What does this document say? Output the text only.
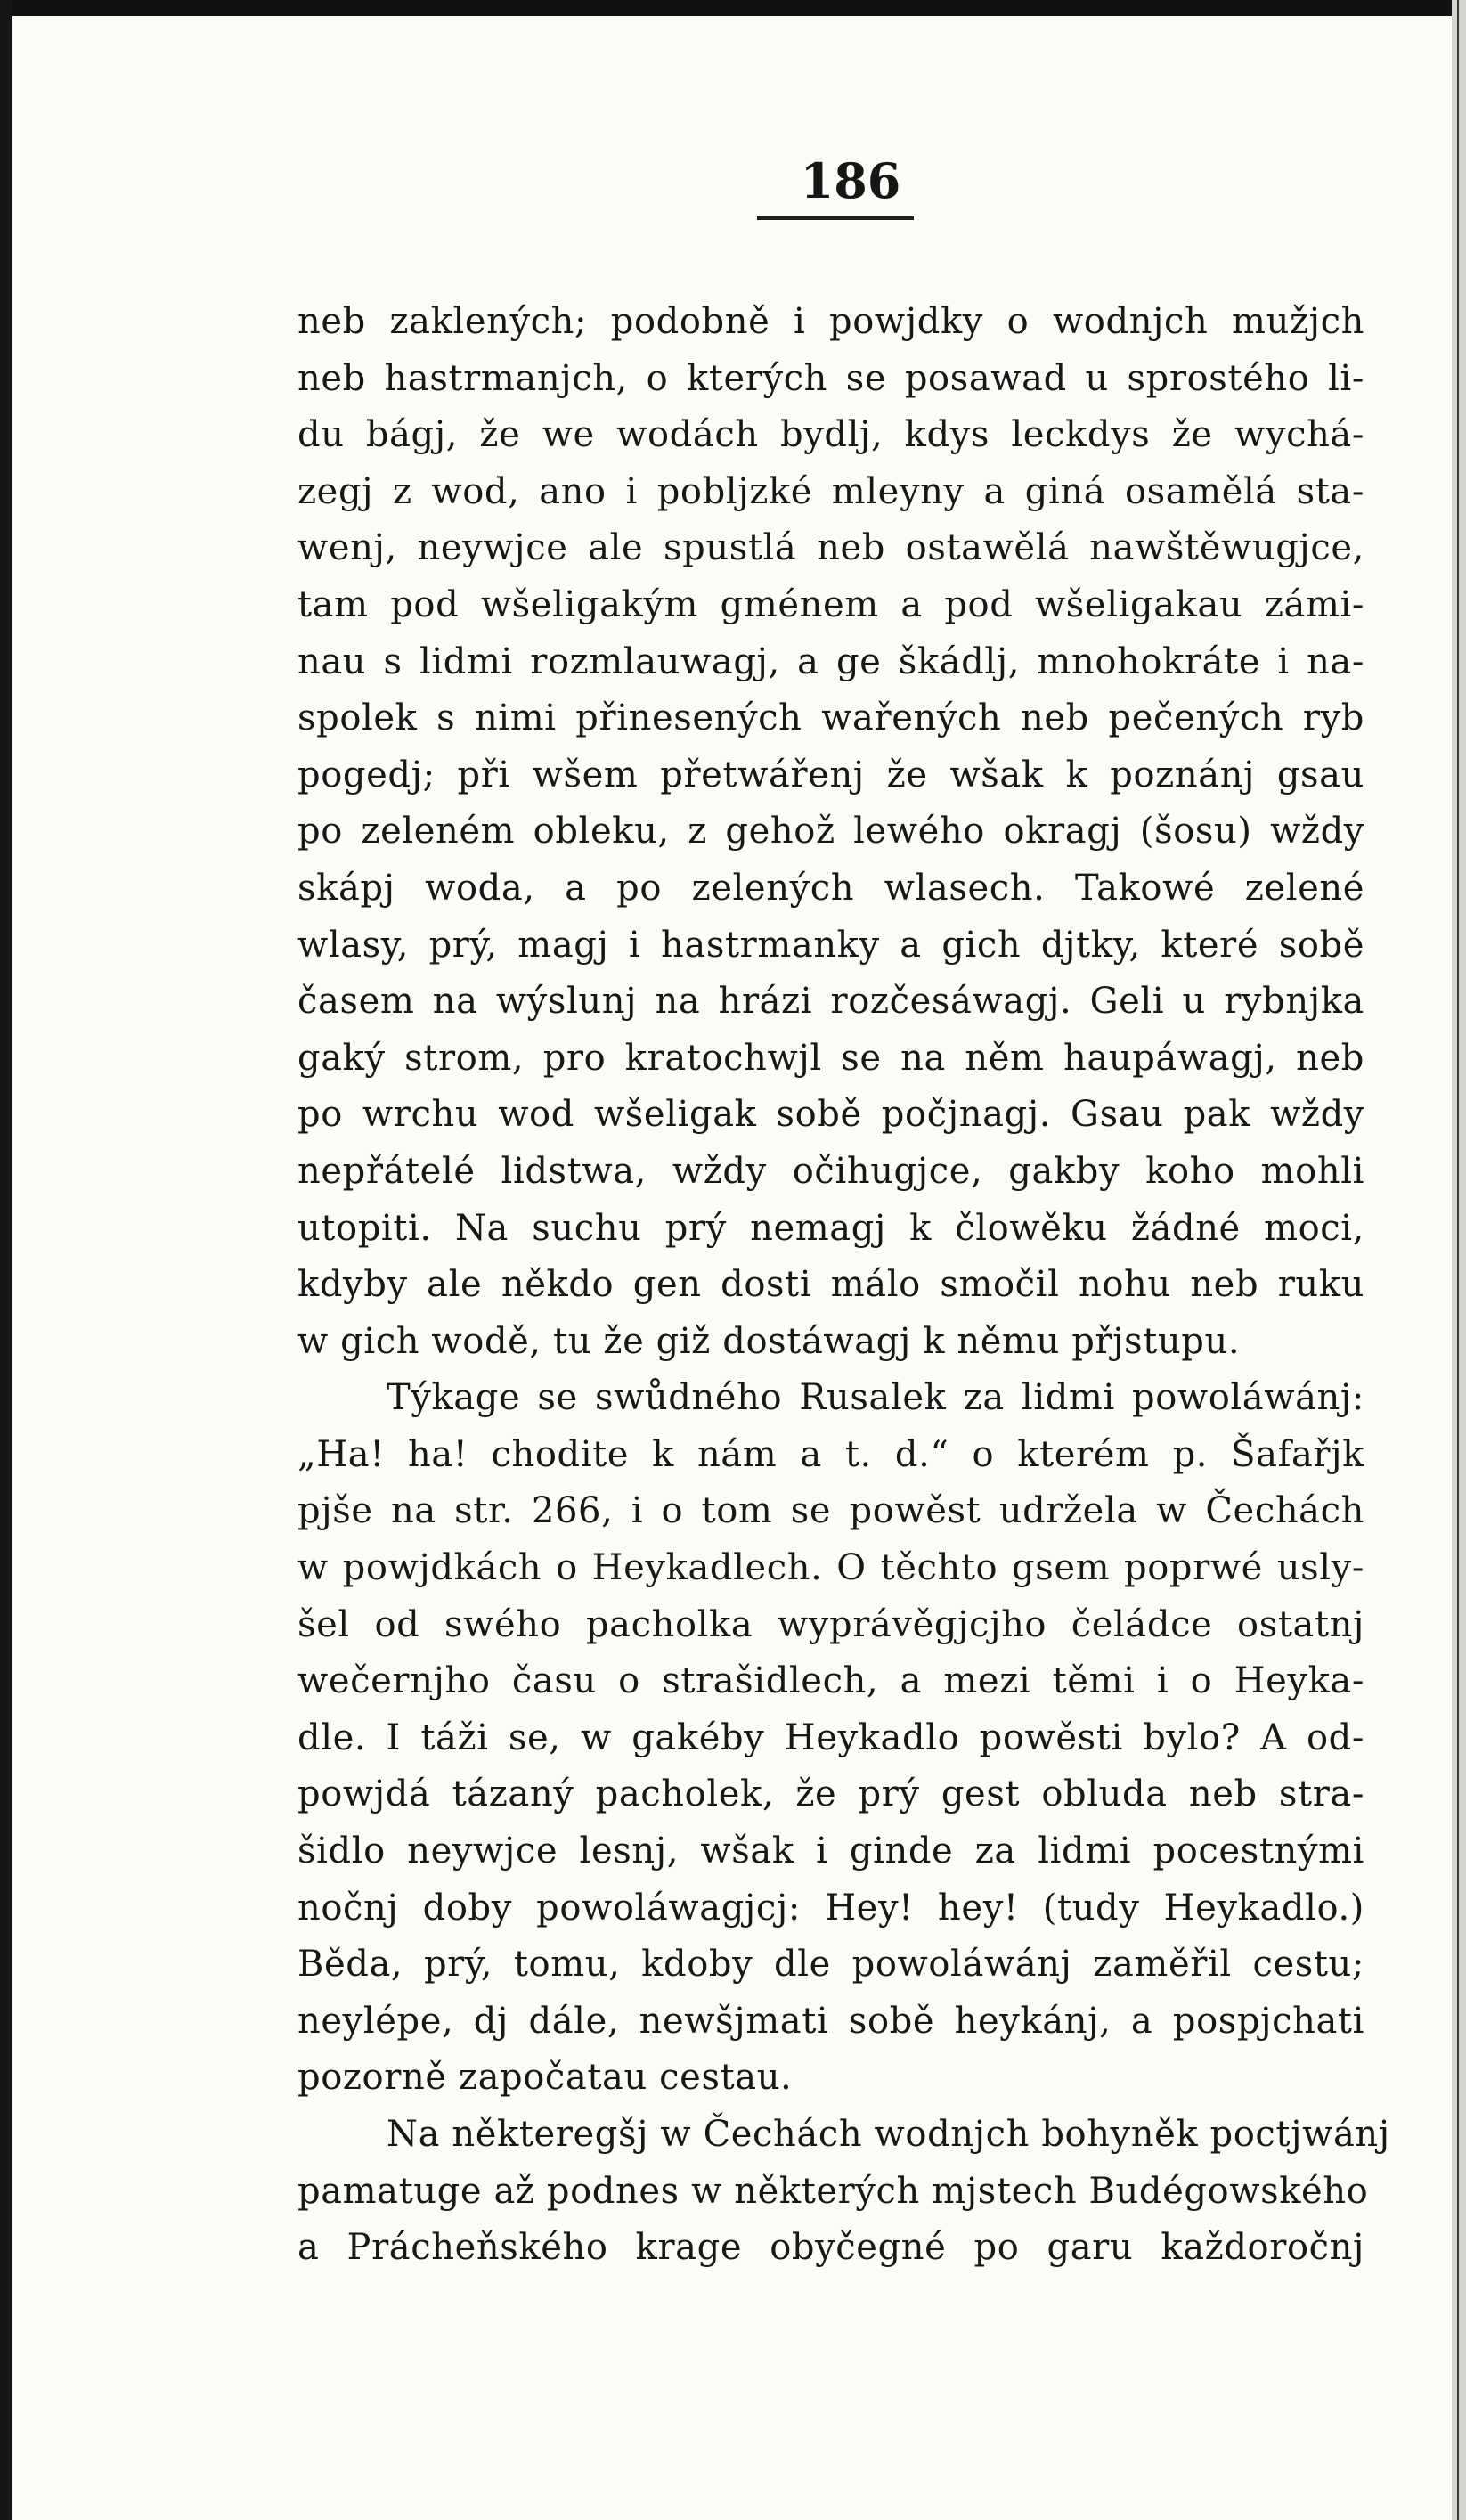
186
neb zaklených; podobně i powjdky o wodnjch mužjch
neb hastrmanjch, o kterých se posawad u sprostého li-
du bágj, že we wodách bydlj, kdys leckdys že wychá-
zegj z wod, ano i pobljzké mleyny a giná osamělá sta-
wenj, neywjce ale spustlá neb ostawělá nawštěwugjce,
tam pod wšeligakým gménem a pod wšeligakau zámi-
nau s lidmi rozmlauwagj, a ge škádlj, mnohokráte i na-
spolek s nimi přinesených wařených neb pečených ryb
pogedj; při wšem přetwářenj že wšak k poznánj gsau
po zeleném obleku, z gehož lewého okragj (šosu) wždy
skápj woda, a po zelených wlasech. Takowé zelené
wlasy, prý, magj i hastrmanky a gich djtky, které sobě
časem na wýslunj na hrázi rozčesáwagj. Geli u rybnjka
gaký strom, pro kratochwjl se na něm haupáwagj, neb
po wrchu wod wšeligak sobě počjnagj. Gsau pak wždy
nepřátelé lidstwa, wždy očihugjce, gakby koho mohli
utopiti. Na suchu prý nemagj k člowěku žádné moci,
kdyby ale někdo gen dosti málo smočil nohu neb ruku
w gich wodě, tu že giž dostáwagj k němu přjstupu.
Týkage se swůdného Rusalek za lidmi powoláwánj:
„Ha! ha! chodite k nám a t. d.“ o kterém p. Šafařjk
pjše na str. 266, i o tom se powěst udržela w Čechách
w powjdkách o Heykadlech. O těchto gsem poprwé usly-
šel od swého pacholka wyprávěgjcjho čeládce ostatnj
wečernjho času o strašidlech, a mezi těmi i o Heyka-
dle. I táži se, w gakéby Heykadlo powěsti bylo? A od-
powjdá tázaný pacholek, že prý gest obluda neb stra-
šidlo neywjce lesnj, wšak i ginde za lidmi pocestnými
nočnj doby powoláwagjcj: Hey! hey! (tudy Heykadlo.)
Běda, prý, tomu, kdoby dle powoláwánj zaměřil cestu;
neylépe, dj dále, newšjmati sobě heykánj, a pospjchati
pozorně započatau cestau.
Na některegšj w Čechách wodnjch bohyněk poctjwánj
pamatuge až podnes w některých mjstech Budégowského
a Prácheňského krage obyčegné po garu každoročnj
